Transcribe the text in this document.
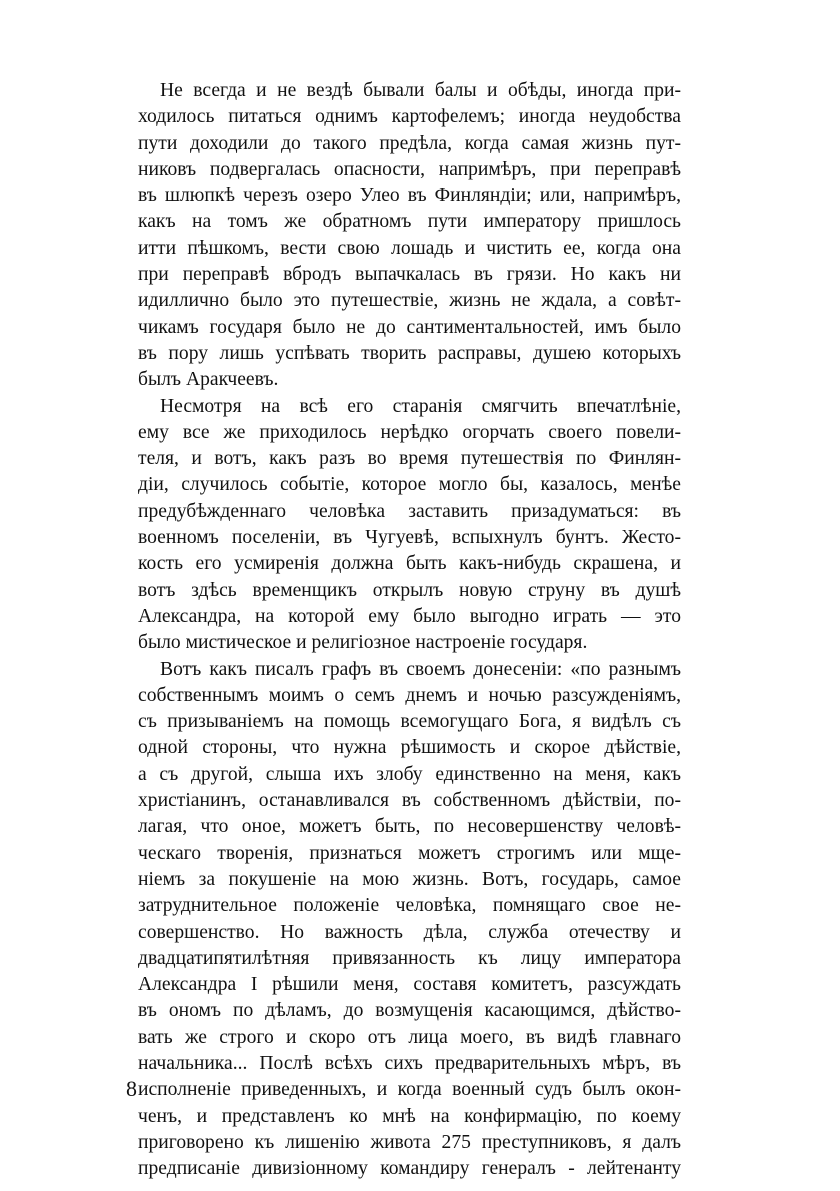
Не всегда и не вездѣ бывали балы и обѣды, иногда при-
ходилось питаться однимъ картофелемъ; иногда неудобства
пути доходили до такого предѣла, когда самая жизнь пут-
никовъ подвергалась опасности, напримѣръ, при переправѣ
въ шлюпкѣ черезъ озеро Улео въ Финляндіи; или, напримѣръ,
какъ на томъ же обратномъ пути императору пришлось
итти пѣшкомъ, вести свою лошадь и чистить ее, когда она
при переправѣ вбродъ выпачкалась въ грязи. Но какъ ни
идиллично было это путешествіе, жизнь не ждала, а совѣт-
чикамъ государя было не до сантиментальностей, имъ было
въ пору лишь успѣвать творить расправы, душею которыхъ
былъ Аракчеевъ.
Несмотря на всѣ его старанія смягчить впечатлѣніе,
ему все же приходилось нерѣдко огорчать своего повели-
теля, и вотъ, какъ разъ во время путешествія по Финлян-
діи, случилось событіе, которое могло бы, казалось, менѣе
предубѣжденнаго человѣка заставить призадуматься: въ
военномъ поселеніи, въ Чугуевѣ, вспыхнулъ бунтъ. Жесто-
кость его усмиренія должна быть какъ-нибудь скрашена, и
вотъ здѣсь временщикъ открылъ новую струну въ душѣ
Александра, на которой ему было выгодно играть — это
было мистическое и религіозное настроеніе государя.
Вотъ какъ писалъ графъ въ своемъ донесеніи: «по разнымъ
собственнымъ моимъ о семъ днемъ и ночью разсужденіямъ,
съ призываніемъ на помощь всемогущаго Бога, я видѣлъ съ
одной стороны, что нужна рѣшимость и скорое дѣйствіе,
а съ другой, слыша ихъ злобу единственно на меня, какъ
христіанинъ, останавливался въ собственномъ дѣйствіи, по-
лагая, что оное, можетъ быть, по несовершенству человѣ-
ческаго творенія, признаться можетъ строгимъ или мще-
ніемъ за покушеніе на мою жизнь. Вотъ, государь, самое
затруднительное положеніе человѣка, помнящаго свое не-
совершенство. Но важность дѣла, служба отечеству и
двадцатипятилѣтняя привязанность къ лицу императора
Александра I рѣшили меня, составя комитетъ, разсуждать
въ ономъ по дѣламъ, до возмущенія касающимся, дѣйство-
вать же строго и скоро отъ лица моего, въ видѣ главнаго
начальника... Послѣ всѣхъ сихъ предварительныхъ мѣръ, въ
исполненіе приведенныхъ, и когда военный судъ былъ окон-
ченъ, и представленъ ко мнѣ на конфирмацію, по коему
приговорено къ лишенію живота 275 преступниковъ, я далъ
предписаніе дивизіонному командиру генералъ - лейтенанту
8
